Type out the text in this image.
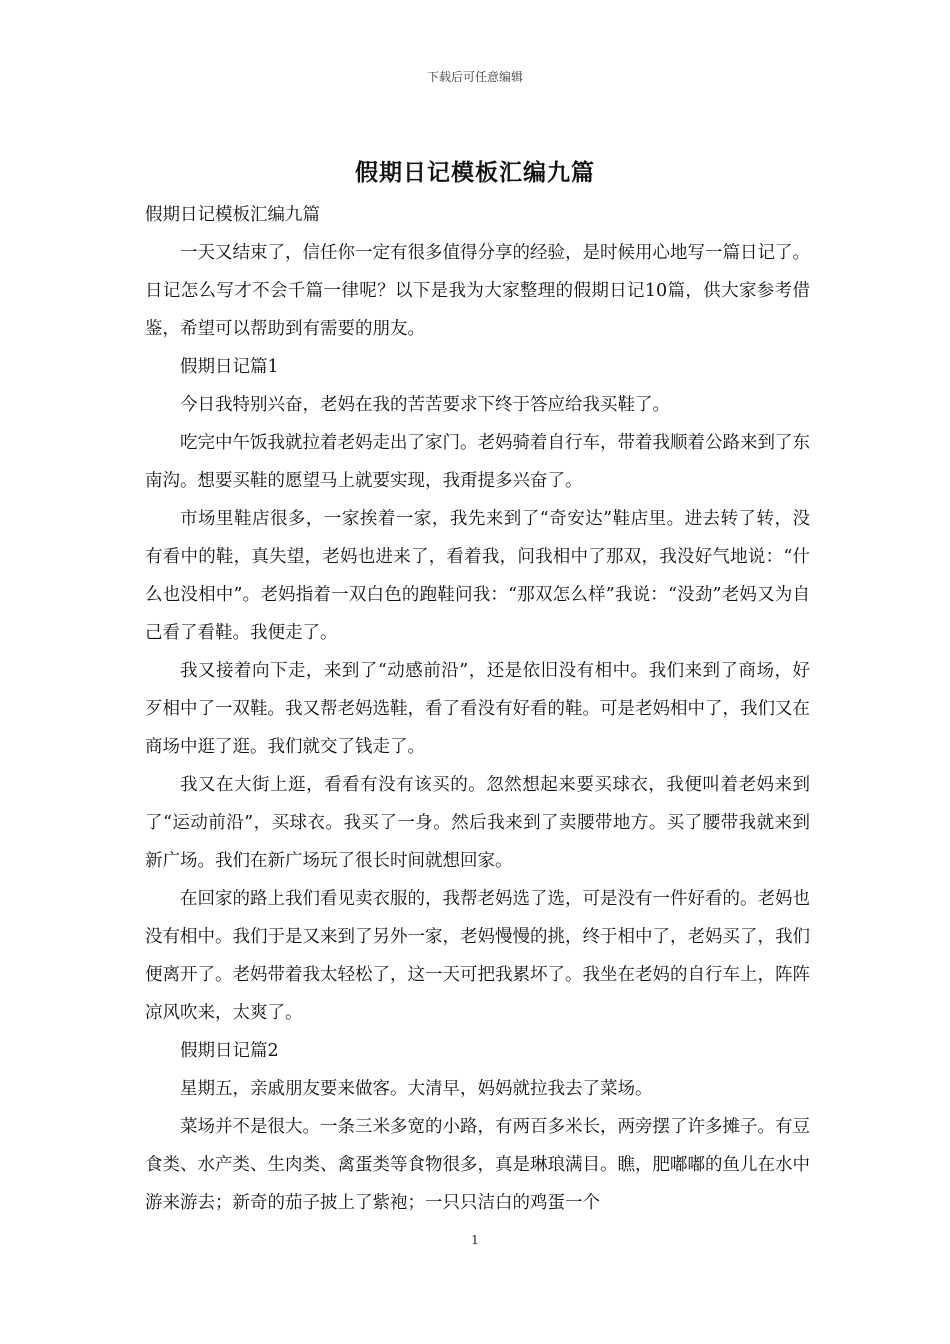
下载后可任意编辑
假期日记模板汇编九篇

假期日记模板汇编九篇

一天又结束了，信任你一定有很多值得分享的经验，是时候用心地写一篇日记了。日记怎么写才不会千篇一律呢？以下是我为大家整理的假期日记10篇，供大家参考借鉴，希望可以帮助到有需要的朋友。

假期日记篇1

今日我特别兴奋，老妈在我的苦苦要求下终于答应给我买鞋了。

吃完中午饭我就拉着老妈走出了家门。老妈骑着自行车，带着我顺着公路来到了东南沟。想要买鞋的愿望马上就要实现，我甭提多兴奋了。

市场里鞋店很多，一家挨着一家，我先来到了“奇安达”鞋店里。进去转了转，没有看中的鞋，真失望，老妈也进来了，看着我，问我相中了那双，我没好气地说：“什么也没相中”。老妈指着一双白色的跑鞋问我：“那双怎么样”我说：“没劲”老妈又为自己看了看鞋。我便走了。

我又接着向下走，来到了“动感前沿”，还是依旧没有相中。我们来到了商场，好歹相中了一双鞋。我又帮老妈选鞋，看了看没有好看的鞋。可是老妈相中了，我们又在商场中逛了逛。我们就交了钱走了。

我又在大街上逛，看看有没有该买的。忽然想起来要买球衣，我便叫着老妈来到了“运动前沿”，买球衣。我买了一身。然后我来到了卖腰带地方。买了腰带我就来到新广场。我们在新广场玩了很长时间就想回家。

在回家的路上我们看见卖衣服的，我帮老妈选了选，可是没有一件好看的。老妈也没有相中。我们于是又来到了另外一家，老妈慢慢的挑，终于相中了，老妈买了，我们便离开了。老妈带着我太轻松了，这一天可把我累坏了。我坐在老妈的自行车上，阵阵凉风吹来，太爽了。

假期日记篇2

星期五，亲戚朋友要来做客。大清早，妈妈就拉我去了菜场。

菜场并不是很大。一条三米多宽的小路，有两百多米长，两旁摆了许多摊子。有豆食类、水产类、生肉类、禽蛋类等食物很多，真是琳琅满目。瞧，肥嘟嘟的鱼儿在水中游来游去；新奇的茄子披上了紫袍；一只只洁白的鸡蛋一个

1
